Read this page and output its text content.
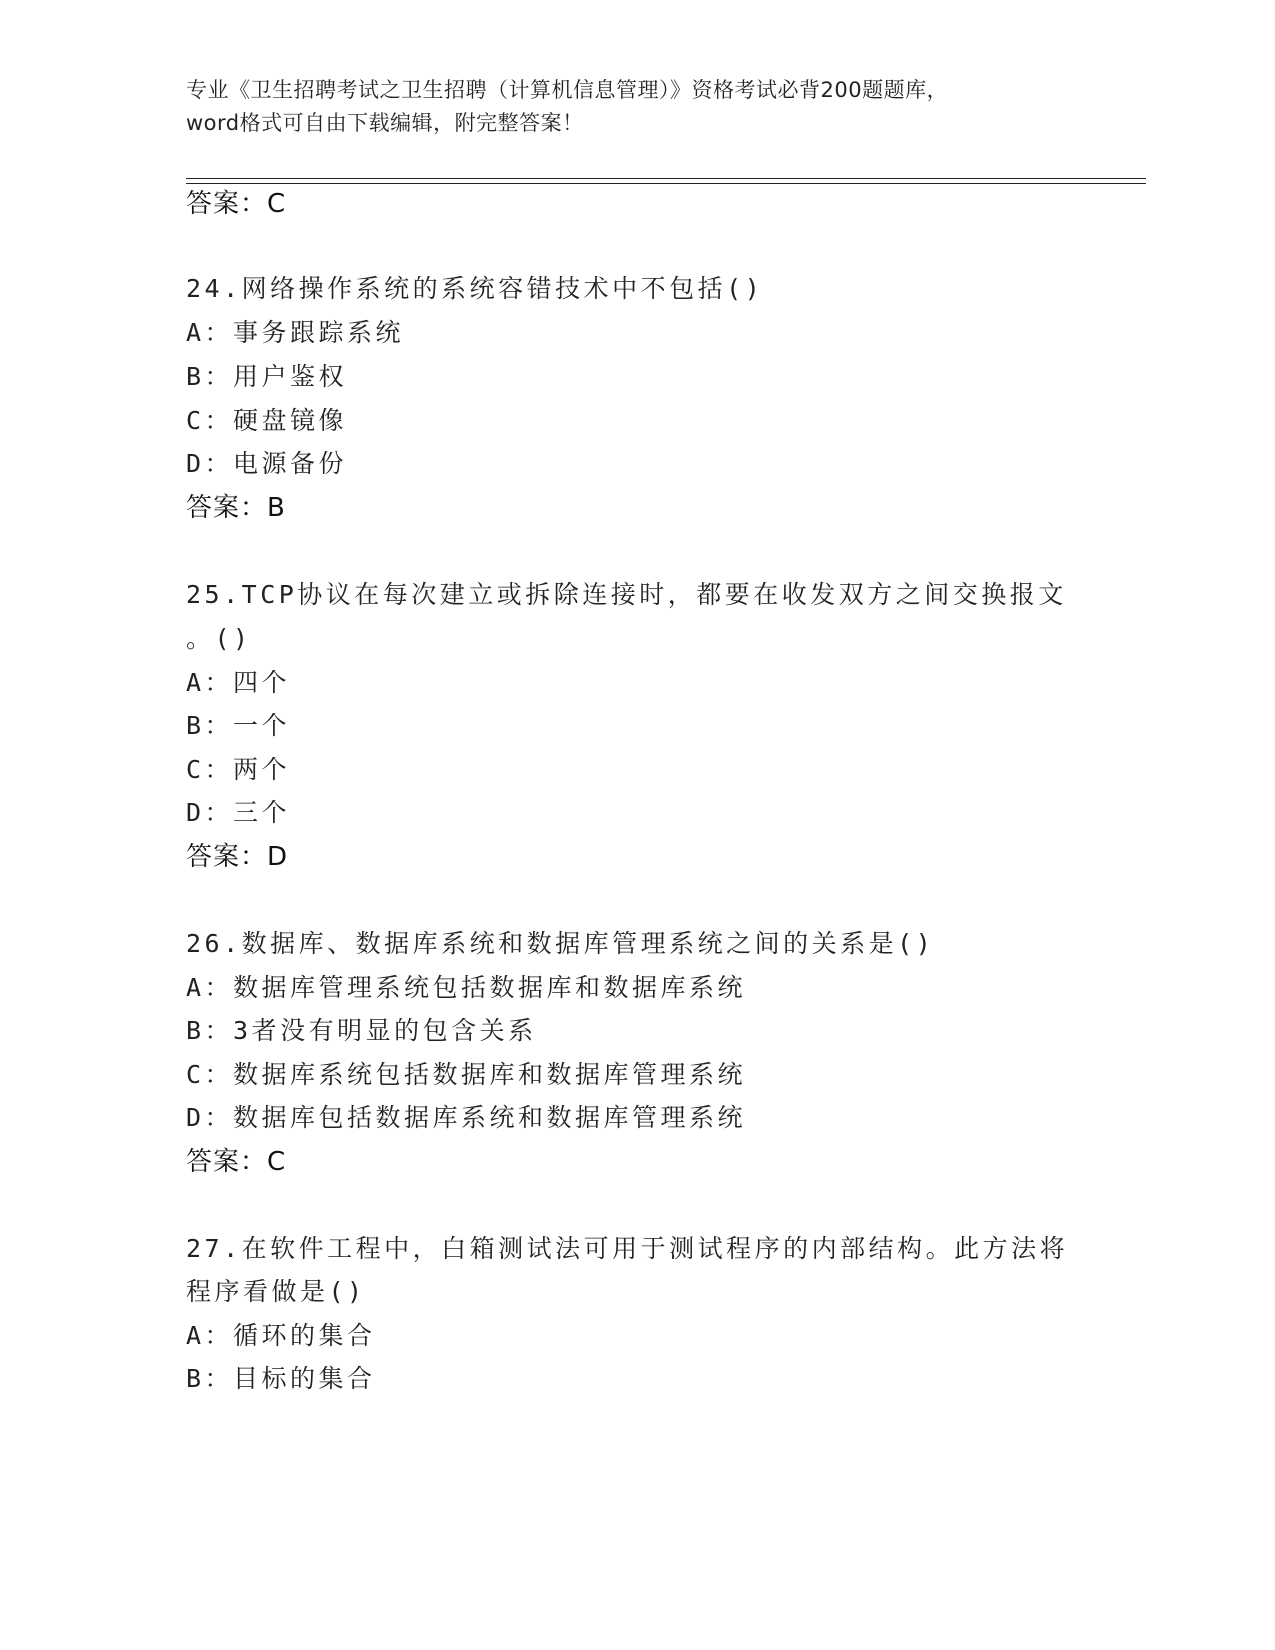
专业《卫生招聘考试之卫生招聘（计算机信息管理）》资格考试必背200题题库，
word格式可自由下载编辑，附完整答案！
答案：C
24.网络操作系统的系统容错技术中不包括()
A：事务跟踪系统
B：用户鉴权
C：硬盘镜像
D：电源备份
答案：B
25.TCP协议在每次建立或拆除连接时，都要在收发双方之间交换报文
。()
A：四个
B：一个
C：两个
D：三个
答案：D
26.数据库、数据库系统和数据库管理系统之间的关系是()
A：数据库管理系统包括数据库和数据库系统
B：3者没有明显的包含关系
C：数据库系统包括数据库和数据库管理系统
D：数据库包括数据库系统和数据库管理系统
答案：C
27.在软件工程中，白箱测试法可用于测试程序的内部结构。此方法将
程序看做是()
A：循环的集合
B：目标的集合
